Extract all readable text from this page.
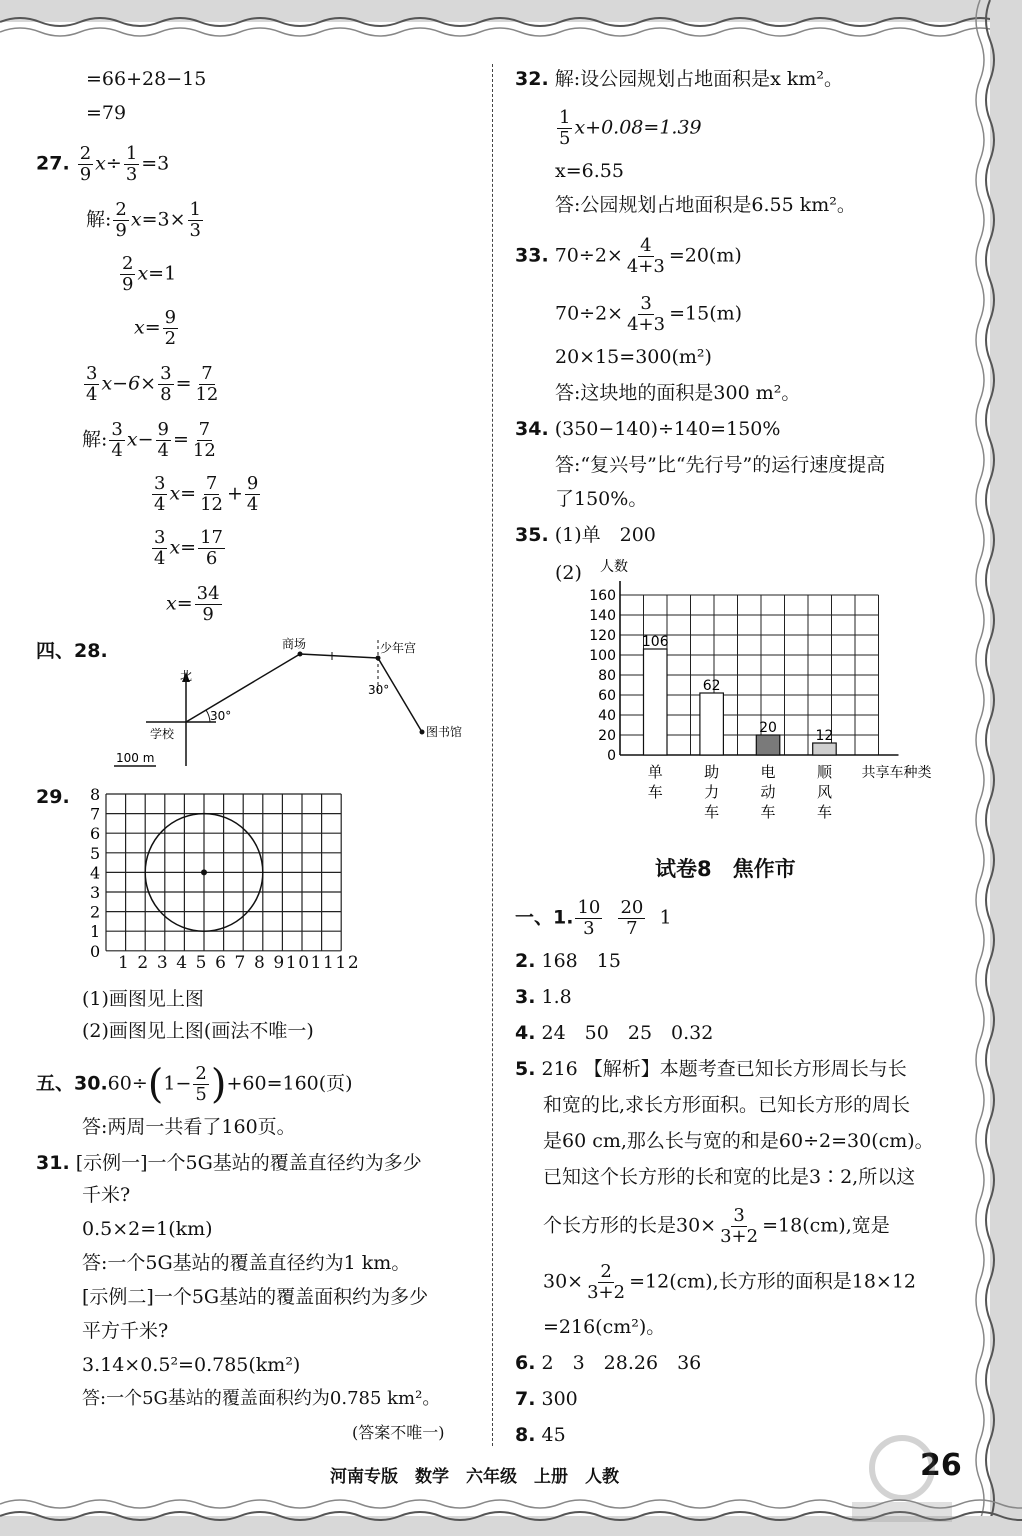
=66+28−15
=79
27. $\frac{2}{9} x\div \frac{1}{3} =3$
解: $\frac{2}{9} x=3\times \frac{1}{3}$
$\frac{2}{9} x=1$
$x= \frac{9}{2}$
$\frac{3}{4} x-6\times \frac{3}{8} = \frac{7}{12}$
解: $\frac{3}{4} x- \frac{9}{4} = \frac{7}{12}$
$\frac{3}{4} x= \frac{7}{12} + \frac{9}{4}$
$\frac{3}{4} x= \frac{17}{6}$
$x= \frac{34}{9}$
四、28.
北
学校
30°
商场	少年宫
图书馆
30°
100 m
29.
0
1
2
3
4
5
6
7
8
1 2 3 4 5 6 7 8 9101112
(1)画图见上图
(2)画图见上图(画法不唯一)
五、$30.60\div(1- \frac{2}{5} )+60=160$(页)
答:两周一共看了160页。
31. [示例一]一个5G基站的覆盖直径约为多少
千米?
0.5×2=1(km)
答:一个5G基站的覆盖直径约为1 km。
[示例二]一个5G基站的覆盖面积约为多少
平方千米?
3.14×0.5²=0.785(km²)
答:一个5G基站的覆盖面积约为0.785 km²。
(答案不唯一)
32. 解:设公园规划占地面积是x km²。
$\frac{1}{5} x+0.08=1.39$
x=6.55
答:公园规划占地面积是6.55 km²。
33. $70\div 2\times \frac{4}{4+3} =20(m)$
$70\div 2\times \frac{3}{4+3} =15(m)$
20×15=300(m²)
答:这块地的面积是300 m²。
34. (350−140)÷140=150%
答:“复兴号”比“先行号”的运行速度提高
了150%。
35. (1)单　200
(2) 人数
0
20
40
60
80
100
120
140
160
106
单
车
62
助
力
车
20
电
动
车
12
顺
风
车
共享车种类
试卷8　焦作市
一、1. $\frac{10}{3}$
$\frac{20}{7} 1$
2. 168　15
3. 1.8
4. 24　50　25　0.32
5. 216 【解析】本题考查已知长方形周长与长
和宽的比,求长方形面积。已知长方形的周长
是60 cm,那么长与宽的和是60÷2=30(cm)。
已知这个长方形的长和宽的比是3∶2,所以这
个长方形的长是$30\times \frac{3}{3+2} =18(cm)$,宽是
$30\times \frac{2}{3+2} =12(cm)$,长方形的面积是18×12
=216(cm²)。
6. 2　3　28.26　36
7. 300
8. 45
河南专版　数学　六年级　上册　人教	26
